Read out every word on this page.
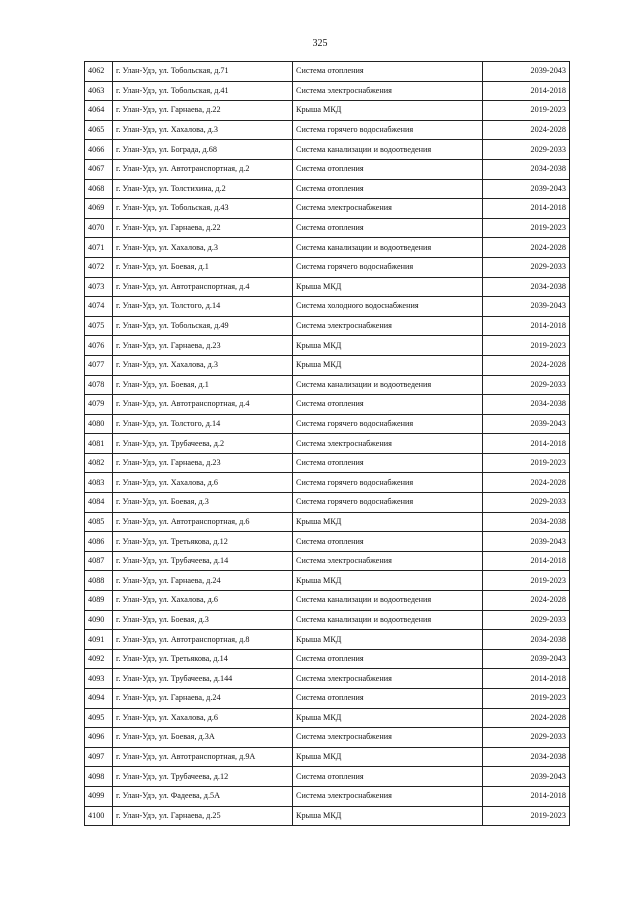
325
4062	г. Улан-Удэ, ул. Тобольская, д.71	Система отопления	2039-2043
4063	г. Улан-Удэ, ул. Тобольская, д.41	Система электроснабжения	2014-2018
4064	г. Улан-Удэ, ул. Гарнаева, д.22	Крыша МКД	2019-2023
4065	г. Улан-Удэ, ул. Хахалова, д.3	Система горячего водоснабжения	2024-2028
4066	г. Улан-Удэ, ул. Бограда, д.68	Система канализации и водоотведения	2029-2033
4067	г. Улан-Удэ, ул. Автотранспортная, д.2	Система отопления	2034-2038
4068	г. Улан-Удэ, ул. Толстихина, д.2	Система отопления	2039-2043
4069	г. Улан-Удэ, ул. Тобольская, д.43	Система электроснабжения	2014-2018
4070	г. Улан-Удэ, ул. Гарнаева, д.22	Система отопления	2019-2023
4071	г. Улан-Удэ, ул. Хахалова, д.3	Система канализации и водоотведения	2024-2028
4072	г. Улан-Удэ, ул. Боевая, д.1	Система горячего водоснабжения	2029-2033
4073	г. Улан-Удэ, ул. Автотранспортная, д.4	Крыша МКД	2034-2038
4074	г. Улан-Удэ, ул. Толстого, д.14	Система холодного водоснабжения	2039-2043
4075	г. Улан-Удэ, ул. Тобольская, д.49	Система электроснабжения	2014-2018
4076	г. Улан-Удэ, ул. Гарнаева, д.23	Крыша МКД	2019-2023
4077	г. Улан-Удэ, ул. Хахалова, д.3	Крыша МКД	2024-2028
4078	г. Улан-Удэ, ул. Боевая, д.1	Система канализации и водоотведения	2029-2033
4079	г. Улан-Удэ, ул. Автотранспортная, д.4	Система отопления	2034-2038
4080	г. Улан-Удэ, ул. Толстого, д.14	Система горячего водоснабжения	2039-2043
4081	г. Улан-Удэ, ул. Трубачеева, д.2	Система электроснабжения	2014-2018
4082	г. Улан-Удэ, ул. Гарнаева, д.23	Система отопления	2019-2023
4083	г. Улан-Удэ, ул. Хахалова, д.6	Система горячего водоснабжения	2024-2028
4084	г. Улан-Удэ, ул. Боевая, д.3	Система горячего водоснабжения	2029-2033
4085	г. Улан-Удэ, ул. Автотранспортная, д.6	Крыша МКД	2034-2038
4086	г. Улан-Удэ, ул. Третьякова, д.12	Система отопления	2039-2043
4087	г. Улан-Удэ, ул. Трубачеева, д.14	Система электроснабжения	2014-2018
4088	г. Улан-Удэ, ул. Гарнаева, д.24	Крыша МКД	2019-2023
4089	г. Улан-Удэ, ул. Хахалова, д.6	Система канализации и водоотведения	2024-2028
4090	г. Улан-Удэ, ул. Боевая, д.3	Система канализации и водоотведения	2029-2033
4091	г. Улан-Удэ, ул. Автотранспортная, д.8	Крыша МКД	2034-2038
4092	г. Улан-Удэ, ул. Третьякова, д.14	Система отопления	2039-2043
4093	г. Улан-Удэ, ул. Трубачеева, д.144	Система электроснабжения	2014-2018
4094	г. Улан-Удэ, ул. Гарнаева, д.24	Система отопления	2019-2023
4095	г. Улан-Удэ, ул. Хахалова, д.6	Крыша МКД	2024-2028
4096	г. Улан-Удэ, ул. Боевая, д.3А	Система электроснабжения	2029-2033
4097	г. Улан-Удэ, ул. Автотранспортная, д.9А	Крыша МКД	2034-2038
4098	г. Улан-Удэ, ул. Трубачеева, д.12	Система отопления	2039-2043
4099	г. Улан-Удэ, ул. Фадеева, д.5А	Система электроснабжения	2014-2018
4100	г. Улан-Удэ, ул. Гарнаева, д.25	Крыша МКД	2019-2023
